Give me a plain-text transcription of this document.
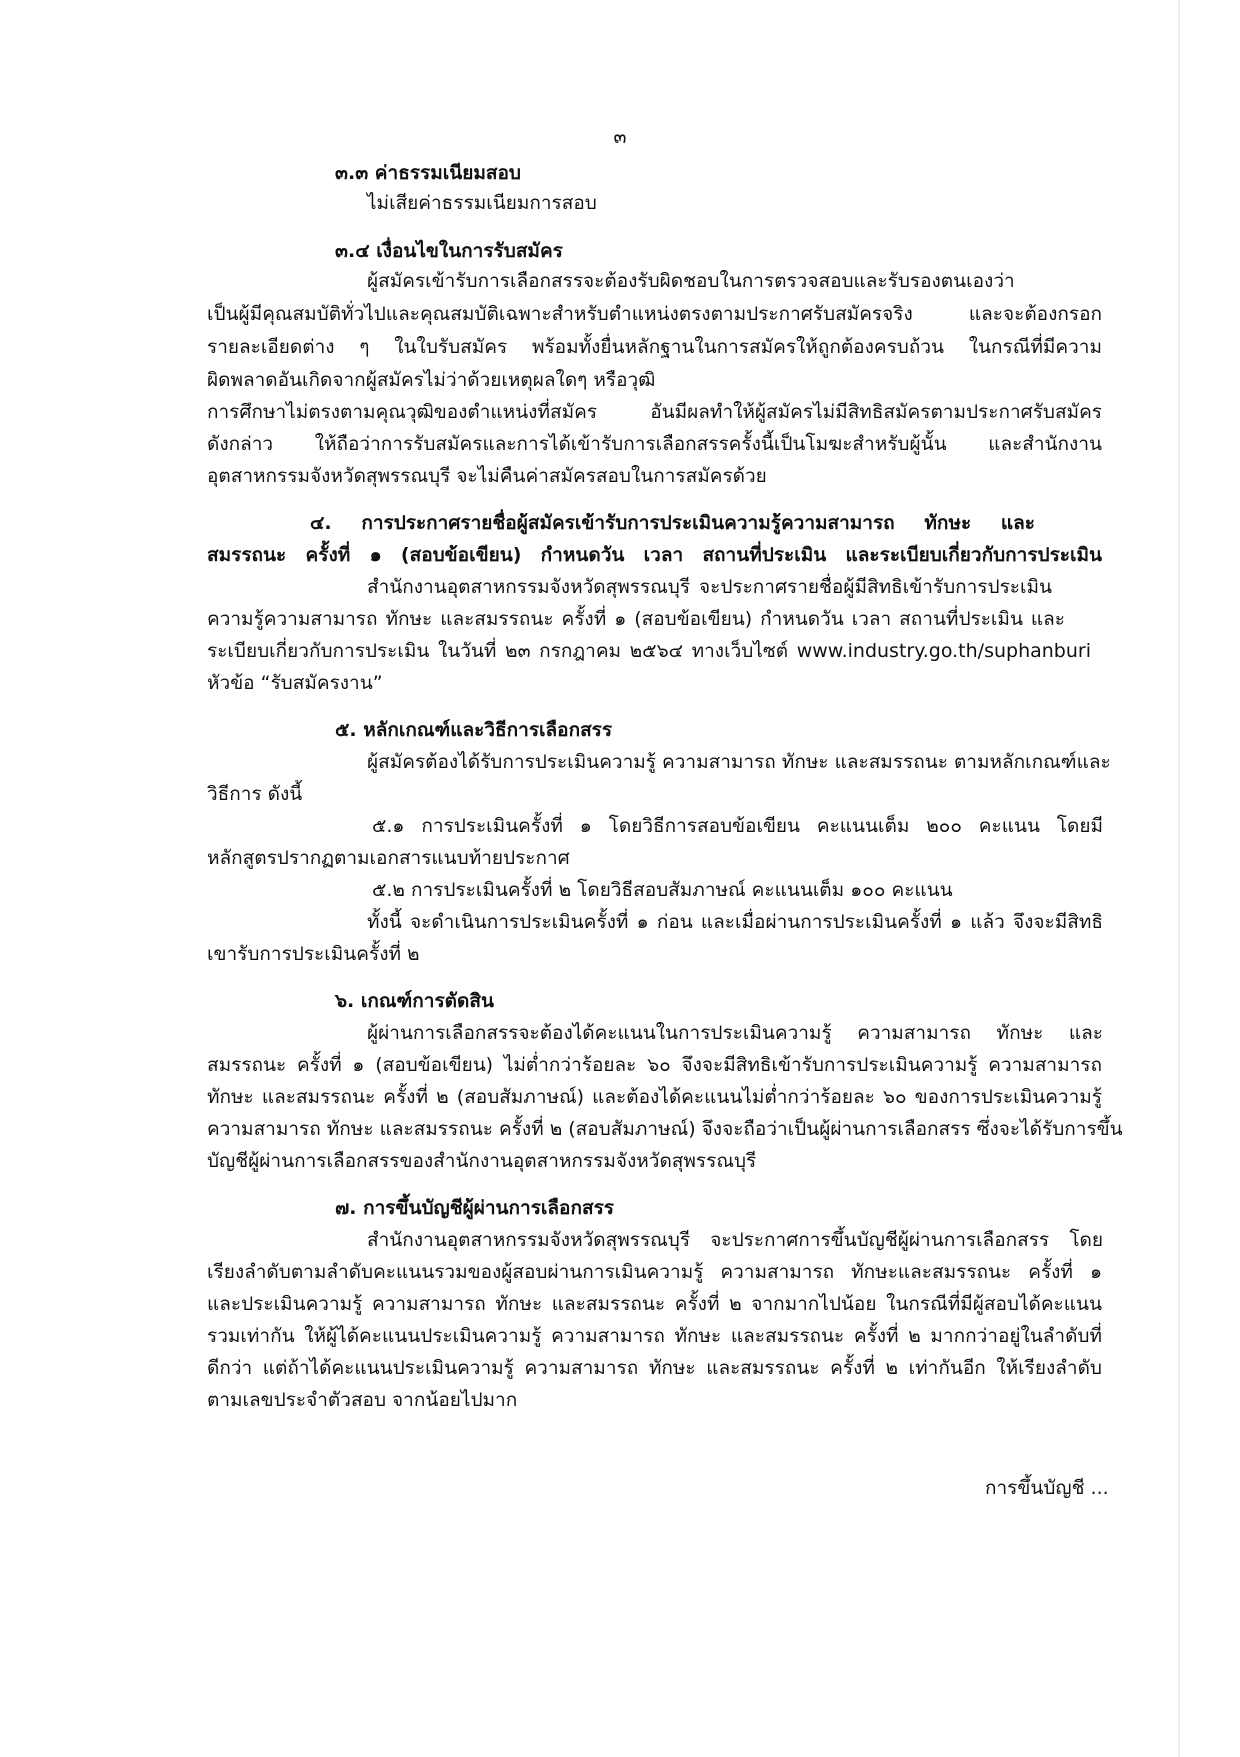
๓
๓.๓ ค่าธรรมเนียมสอบ
ไม่เสียค่าธรรมเนียมการสอบ
๓.๔ เงื่อนไขในการรับสมัคร
ผู้สมัครเข้ารับการเลือกสรรจะต้องรับผิดชอบในการตรวจสอบและรับรองตนเองว่า
เป็นผู้มีคุณสมบัติทั่วไปและคุณสมบัติเฉพาะสำหรับตำแหน่งตรงตามประกาศรับสมัครจริง และจะต้องกรอก
รายละเอียดต่าง ๆ ในใบรับสมัคร พร้อมทั้งยื่นหลักฐานในการสมัครให้ถูกต้องครบถ้วน ในกรณีที่มีความ
ผิดพลาดอันเกิดจากผู้สมัครไม่ว่าด้วยเหตุผลใดๆ หรือวุฒิ
การศึกษาไม่ตรงตามคุณวุฒิของตำแหน่งที่สมัคร อันมีผลทำให้ผู้สมัครไม่มีสิทธิสมัครตามประกาศรับสมัคร
ดังกล่าว ให้ถือว่าการรับสมัครและการได้เข้ารับการเลือกสรรครั้งนี้เป็นโมฆะสำหรับผู้นั้น และสำนักงาน
อุตสาหกรรมจังหวัดสุพรรณบุรี จะไม่คืนค่าสมัครสอบในการสมัครด้วย
๔. การประกาศรายชื่อผู้สมัครเข้ารับการประเมินความรู้ความสามารถ ทักษะ และ
สมรรถนะ ครั้งที่ ๑ (สอบข้อเขียน) กำหนดวัน เวลา สถานที่ประเมิน และระเบียบเกี่ยวกับการประเมิน
สำนักงานอุตสาหกรรมจังหวัดสุพรรณบุรี จะประกาศรายชื่อผู้มีสิทธิเข้ารับการประเมิน
ความรู้ความสามารถ ทักษะ และสมรรถนะ ครั้งที่ ๑ (สอบข้อเขียน) กำหนดวัน เวลา สถานที่ประเมิน และ
ระเบียบเกี่ยวกับการประเมิน ในวันที่ ๒๓ กรกฎาคม ๒๕๖๔ ทางเว็บไซต์ www.industry.go.th/suphanburi
หัวข้อ “รับสมัครงาน”
๕. หลักเกณฑ์และวิธีการเลือกสรร
ผู้สมัครต้องได้รับการประเมินความรู้ ความสามารถ ทักษะ และสมรรถนะ ตามหลักเกณฑ์และ
วิธีการ ดังนี้
๕.๑ การประเมินครั้งที่ ๑ โดยวิธีการสอบข้อเขียน คะแนนเต็ม ๒๐๐ คะแนน โดยมี
หลักสูตรปรากฏตามเอกสารแนบท้ายประกาศ
๕.๒ การประเมินครั้งที่ ๒ โดยวิธีสอบสัมภาษณ์ คะแนนเต็ม ๑๐๐ คะแนน
ทั้งนี้ จะดำเนินการประเมินครั้งที่ ๑ ก่อน และเมื่อผ่านการประเมินครั้งที่ ๑ แล้ว จึงจะมีสิทธิ
เขารับการประเมินครั้งที่ ๒
๖. เกณฑ์การตัดสิน
ผู้ผ่านการเลือกสรรจะต้องได้คะแนนในการประเมินความรู้ ความสามารถ ทักษะ และ
สมรรถนะ ครั้งที่ ๑ (สอบข้อเขียน) ไม่ต่ำกว่าร้อยละ ๖๐ จึงจะมีสิทธิเข้ารับการประเมินความรู้ ความสามารถ
ทักษะ และสมรรถนะ ครั้งที่ ๒ (สอบสัมภาษณ์) และต้องได้คะแนนไม่ต่ำกว่าร้อยละ ๖๐ ของการประเมินความรู้
ความสามารถ ทักษะ และสมรรถนะ ครั้งที่ ๒ (สอบสัมภาษณ์) จึงจะถือว่าเป็นผู้ผ่านการเลือกสรร ซึ่งจะได้รับการขึ้น
บัญชีผู้ผ่านการเลือกสรรของสำนักงานอุตสาหกรรมจังหวัดสุพรรณบุรี
๗. การขึ้นบัญชีผู้ผ่านการเลือกสรร
สำนักงานอุตสาหกรรมจังหวัดสุพรรณบุรี จะประกาศการขึ้นบัญชีผู้ผ่านการเลือกสรร โดย
เรียงลำดับตามลำดับคะแนนรวมของผู้สอบผ่านการเมินความรู้ ความสามารถ ทักษะและสมรรถนะ ครั้งที่ ๑
และประเมินความรู้ ความสามารถ ทักษะ และสมรรถนะ ครั้งที่ ๒ จากมากไปน้อย ในกรณีที่มีผู้สอบได้คะแนน
รวมเท่ากัน ให้ผู้ได้คะแนนประเมินความรู้ ความสามารถ ทักษะ และสมรรถนะ ครั้งที่ ๒ มากกว่าอยู่ในลำดับที่
ดีกว่า แต่ถ้าได้คะแนนประเมินความรู้ ความสามารถ ทักษะ และสมรรถนะ ครั้งที่ ๒ เท่ากันอีก ให้เรียงลำดับ
ตามเลขประจำตัวสอบ จากน้อยไปมาก
การขึ้นบัญชี ...
